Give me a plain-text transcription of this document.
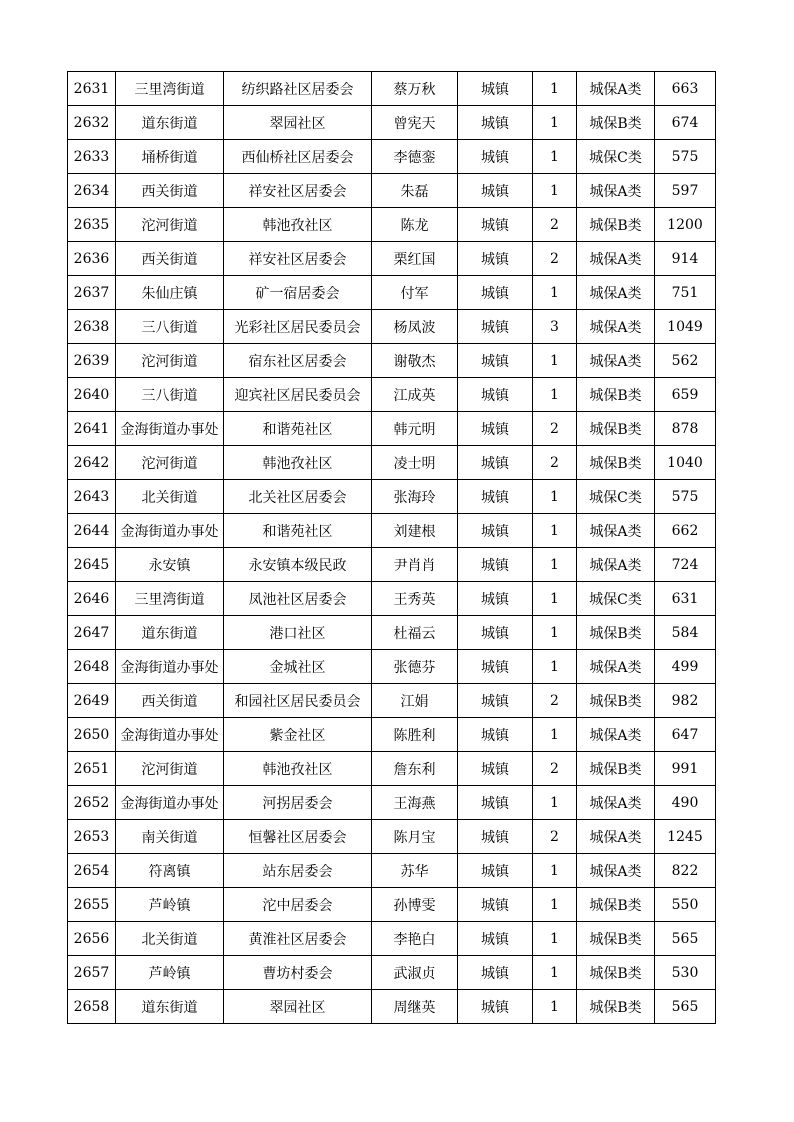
2631	三里湾街道	纺织路社区居委会	蔡万秋	城镇	1	城保A类	663
2632	道东街道	翠园社区	曾宪天	城镇	1	城保B类	674
2633	埇桥街道	西仙桥社区居委会	李德銮	城镇	1	城保C类	575
2634	西关街道	祥安社区居委会	朱磊	城镇	1	城保A类	597
2635	沱河街道	韩池孜社区	陈龙	城镇	2	城保B类	1200
2636	西关街道	祥安社区居委会	栗红国	城镇	2	城保A类	914
2637	朱仙庄镇	矿一宿居委会	付军	城镇	1	城保A类	751
2638	三八街道	光彩社区居民委员会	杨凤波	城镇	3	城保A类	1049
2639	沱河街道	宿东社区居委会	谢敬杰	城镇	1	城保A类	562
2640	三八街道	迎宾社区居民委员会	江成英	城镇	1	城保B类	659
2641	金海街道办事处	和谐苑社区	韩元明	城镇	2	城保B类	878
2642	沱河街道	韩池孜社区	凌士明	城镇	2	城保B类	1040
2643	北关街道	北关社区居委会	张海玲	城镇	1	城保C类	575
2644	金海街道办事处	和谐苑社区	刘建根	城镇	1	城保A类	662
2645	永安镇	永安镇本级民政	尹肖肖	城镇	1	城保A类	724
2646	三里湾街道	凤池社区居委会	王秀英	城镇	1	城保C类	631
2647	道东街道	港口社区	杜福云	城镇	1	城保B类	584
2648	金海街道办事处	金城社区	张德芬	城镇	1	城保A类	499
2649	西关街道	和园社区居民委员会	江娟	城镇	2	城保B类	982
2650	金海街道办事处	紫金社区	陈胜利	城镇	1	城保A类	647
2651	沱河街道	韩池孜社区	詹东利	城镇	2	城保B类	991
2652	金海街道办事处	河拐居委会	王海燕	城镇	1	城保A类	490
2653	南关街道	恒馨社区居委会	陈月宝	城镇	2	城保A类	1245
2654	符离镇	站东居委会	苏华	城镇	1	城保A类	822
2655	芦岭镇	沱中居委会	孙博雯	城镇	1	城保B类	550
2656	北关街道	黄淮社区居委会	李艳白	城镇	1	城保B类	565
2657	芦岭镇	曹坊村委会	武淑贞	城镇	1	城保B类	530
2658	道东街道	翠园社区	周继英	城镇	1	城保B类	565
